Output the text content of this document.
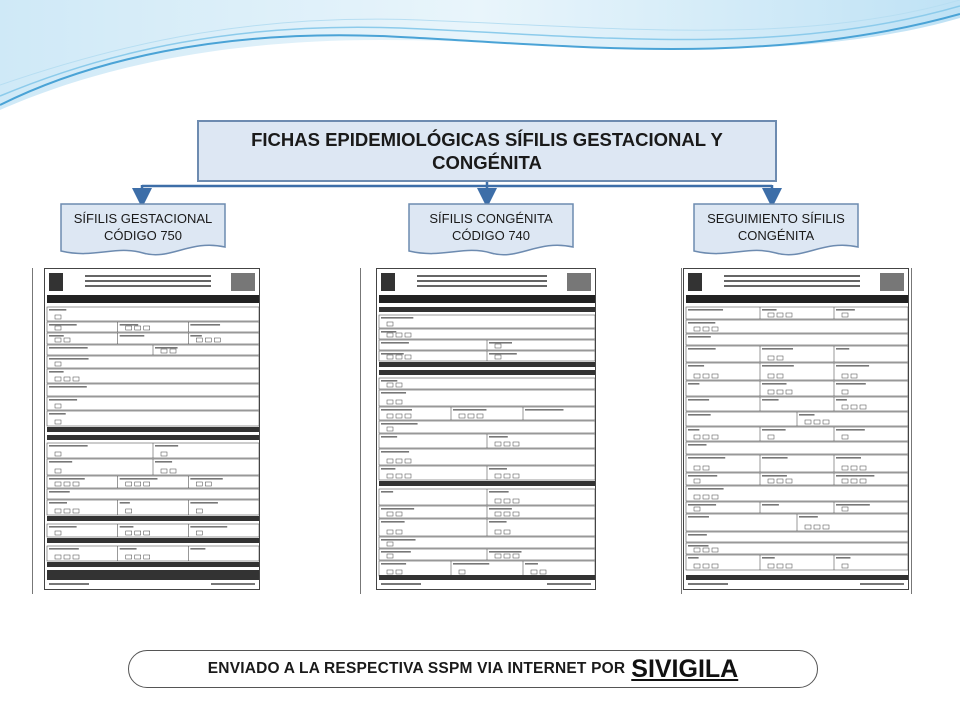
FICHAS EPIDEMIOLÓGICAS SÍFILIS GESTACIONAL Y CONGÉNITA
SÍFILIS GESTACIONAL
CÓDIGO 750
SÍFILIS CONGÉNITA
CÓDIGO 740
SEGUIMIENTO SÍFILIS
CONGÉNITA
ENVIADO A LA RESPECTIVA SSPM VIA INTERNET POR SIVIGILA
